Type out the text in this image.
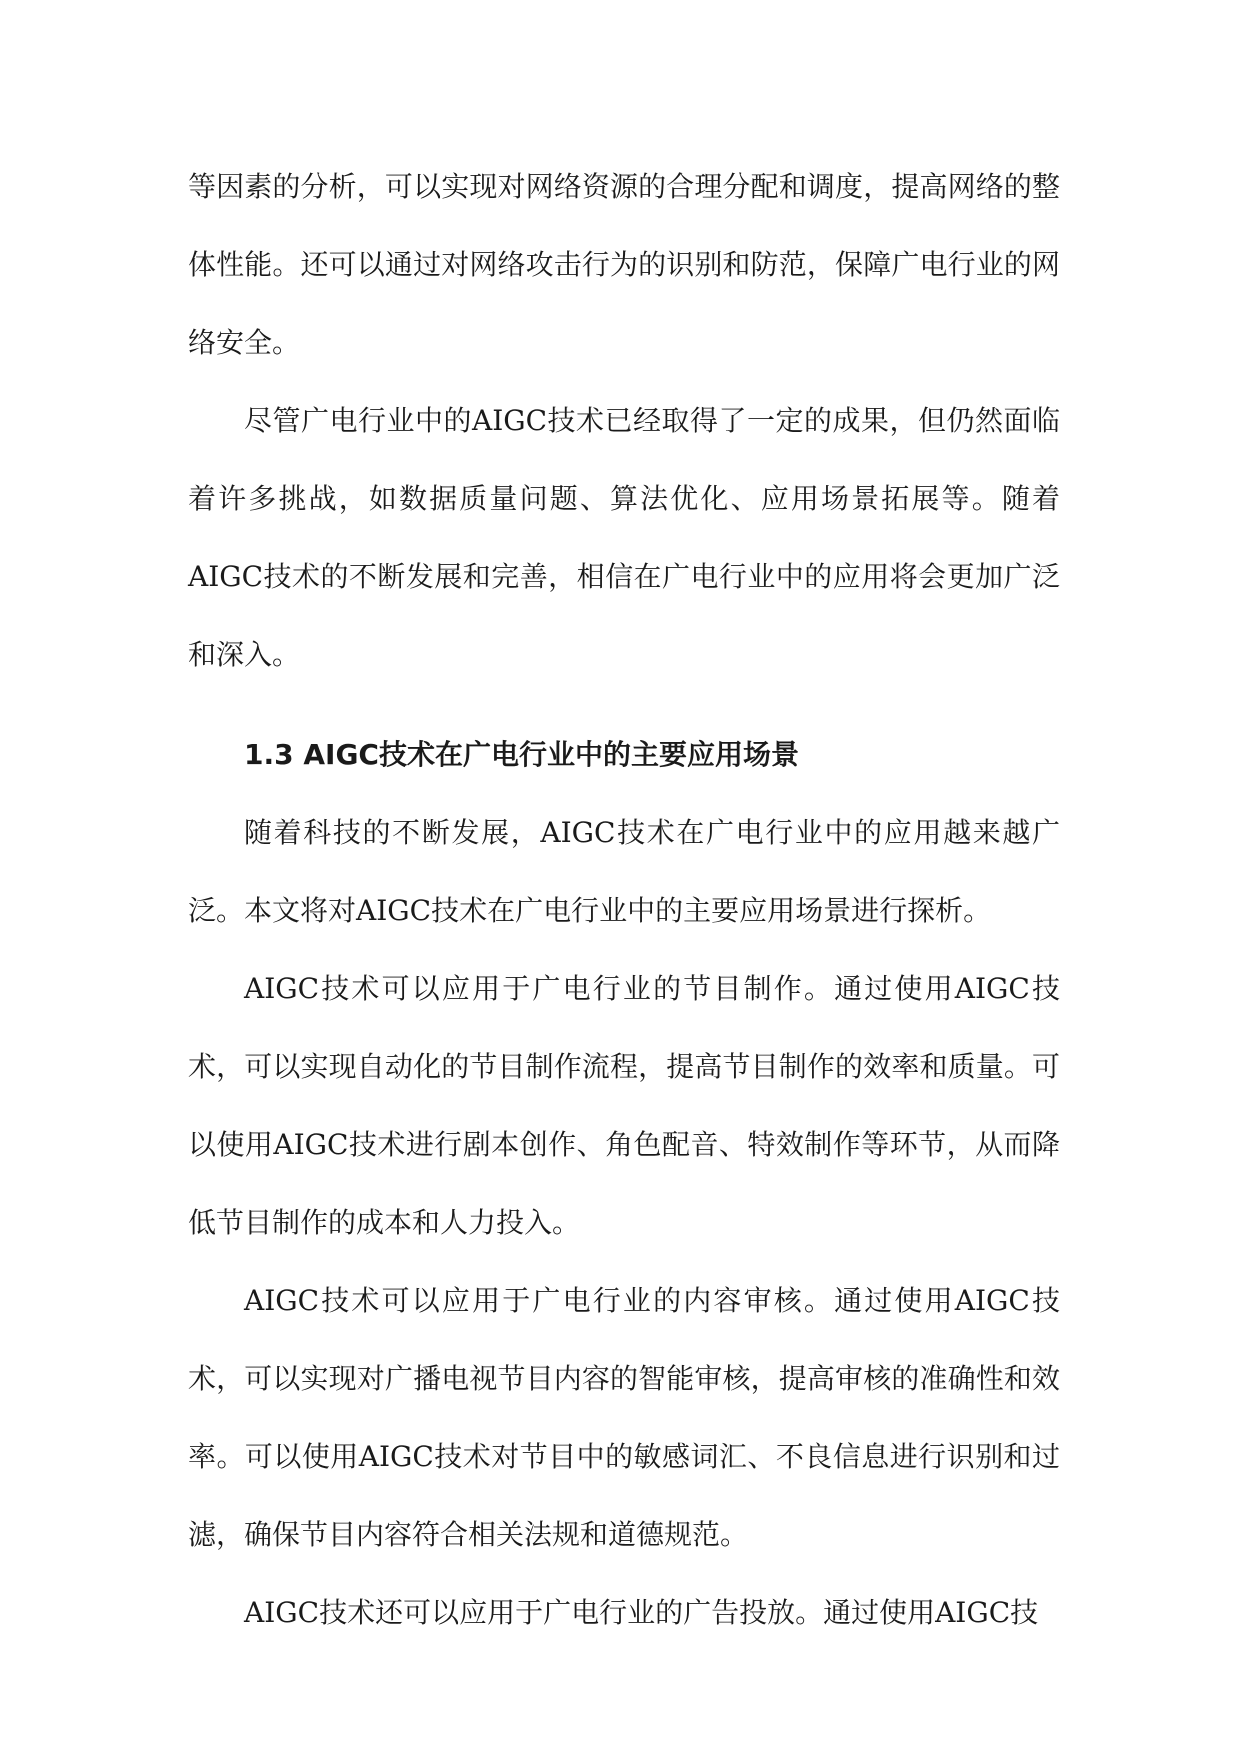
等因素的分析，可以实现对网络资源的合理分配和调度，提高网络的整体性能。还可以通过对网络攻击行为的识别和防范，保障广电行业的网络安全。

尽管广电行业中的AIGC技术已经取得了一定的成果，但仍然面临着许多挑战，如数据质量问题、算法优化、应用场景拓展等。随着AIGC技术的不断发展和完善，相信在广电行业中的应用将会更加广泛和深入。

1.3 AIGC技术在广电行业中的主要应用场景

随着科技的不断发展，AIGC技术在广电行业中的应用越来越广泛。本文将对AIGC技术在广电行业中的主要应用场景进行探析。

AIGC技术可以应用于广电行业的节目制作。通过使用AIGC技术，可以实现自动化的节目制作流程，提高节目制作的效率和质量。可以使用AIGC技术进行剧本创作、角色配音、特效制作等环节，从而降低节目制作的成本和人力投入。

AIGC技术可以应用于广电行业的内容审核。通过使用AIGC技术，可以实现对广播电视节目内容的智能审核，提高审核的准确性和效率。可以使用AIGC技术对节目中的敏感词汇、不良信息进行识别和过滤，确保节目内容符合相关法规和道德规范。

AIGC技术还可以应用于广电行业的广告投放。通过使用AIGC技
